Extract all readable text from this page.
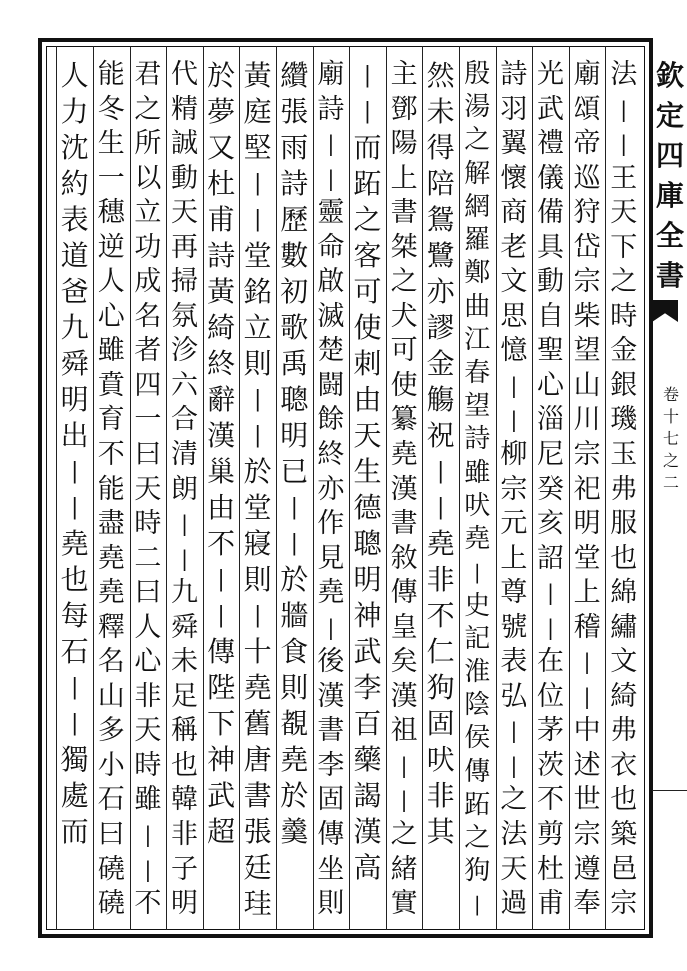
欽
定
四
庫
全
書
卷
十
七
之
二
法
|
|
王
天
下
之
時
金
銀
璣
玉
弗
服
也
綿
繡
文
綺
弗
衣
也
築
邑
宗
廟
頌
帝
巡
狩
岱
宗
柴
望
山
川
宗
祀
明
堂
上
稽
|
|
中
述
世
宗
遵
奉
光
武
禮
儀
備
具
動
自
聖
心
淄
尼
癸
亥
詔
|
|
在
位
茅
茨
不
剪
杜
甫
詩
羽
翼
懷
商
老
文
思
憶
|
|
柳
宗
元
上
尊
號
表
弘
|
|
之
法
天
過
殷
湯
之
解
網
羅
鄭
曲
江
春
望
詩
雖
吠
堯
|
史
記
淮
陰
侯
傳
跖
之
狗
|
然
未
得
陪
鴛
鷺
亦
謬
金
觴
祝
|
|
堯
非
不
仁
狗
固
吠
非
其
主
鄧
陽
上
書
桀
之
犬
可
使
纂
堯
漢
書
敘
傳
皇
矣
漢
祖
|
|
之
緒
實
|
|
而
跖
之
客
可
使
刺
由
天
生
德
聰
明
神
武
李
百
藥
謁
漢
高
廟
詩
|
|
靈
命
啟
滅
楚
闘
餘
終
亦
作
見
堯
|
後
漢
書
李
固
傳
坐
則
纘
張
雨
詩
歷
數
初
歌
禹
聰
明
已
|
|
於
牆
食
則
覩
堯
於
羹
黃
庭
堅
|
|
堂
銘
立
則
|
|
於
堂
寢
則
|
十
堯
舊
唐
書
張
廷
珪
於
夢
又
杜
甫
詩
黃
綺
終
辭
漢
巢
由
不
|
|
傳
陛
下
神
武
超
代
精
誠
動
天
再
掃
氛
沴
六
合
清
朗
|
|
九
舜
未
足
稱
也
韓
非
子
明
君
之
所
以
立
功
成
名
者
四
一
曰
天
時
二
曰
人
心
非
天
時
雖
|
|
不
能
冬
生
一
穗
逆
人
心
雖
賁
育
不
能
盡
堯
堯
釋
名
山
多
小
石
曰
磽
磽
人
力
沈
約
表
道
爸
九
舜
明
出
|
|
堯
也
每
石
|
|
獨
處
而
